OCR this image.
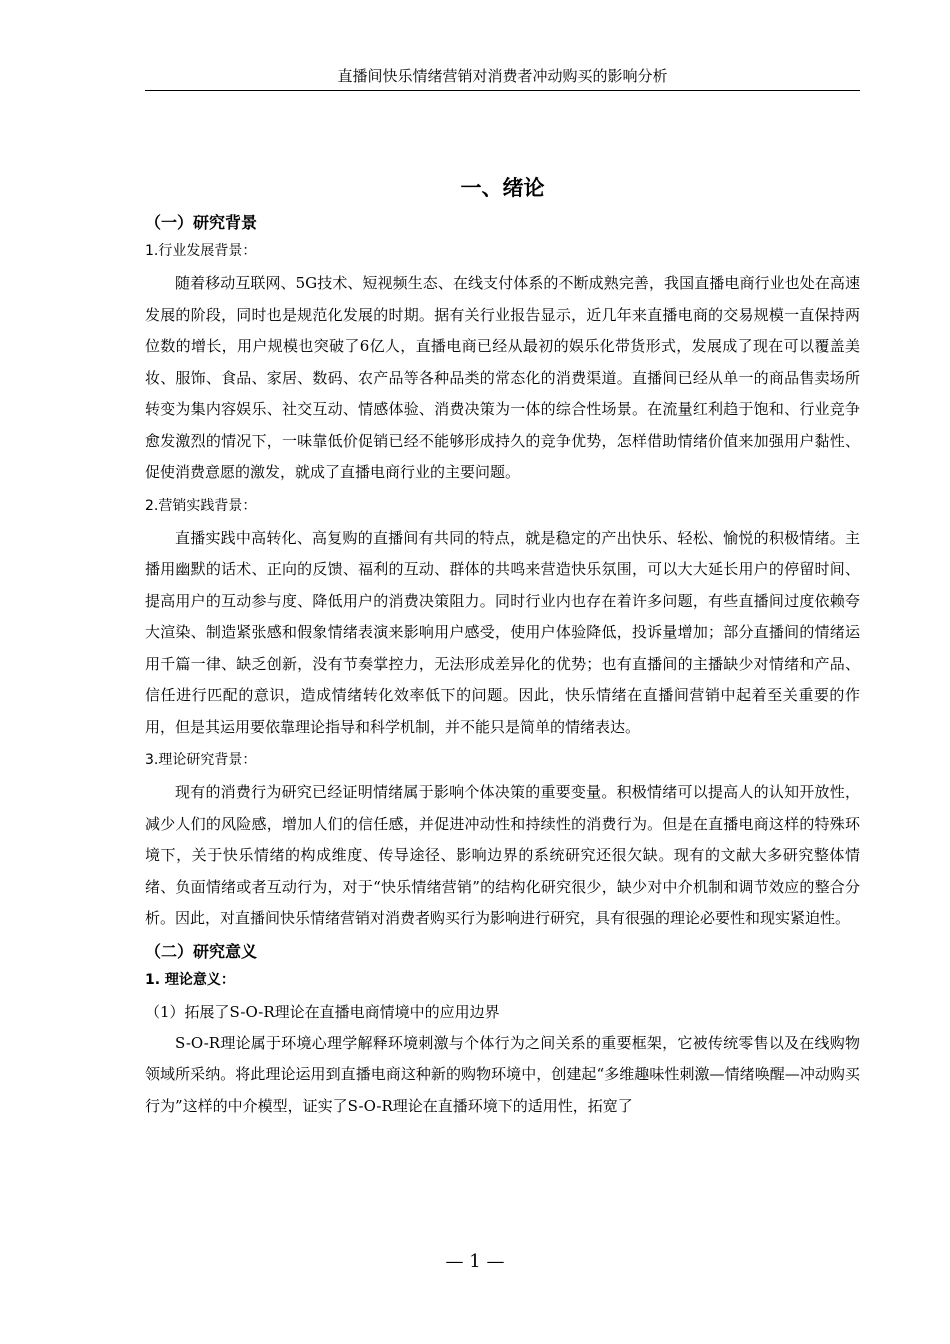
直播间快乐情绪营销对消费者冲动购买的影响分析
一、绪论
（一）研究背景
1.行业发展背景：

随着移动互联网、5G技术、短视频生态、在线支付体系的不断成熟完善，我国直播电商行业也处在高速发展的阶段，同时也是规范化发展的时期。据有关行业报告显示，近几年来直播电商的交易规模一直保持两位数的增长，用户规模也突破了6亿人，直播电商已经从最初的娱乐化带货形式，发展成了现在可以覆盖美妆、服饰、食品、家居、数码、农产品等各种品类的常态化的消费渠道。直播间已经从单一的商品售卖场所转变为集内容娱乐、社交互动、情感体验、消费决策为一体的综合性场景。在流量红利趋于饱和、行业竞争愈发激烈的情况下，一味靠低价促销已经不能够形成持久的竞争优势，怎样借助情绪价值来加强用户黏性、促使消费意愿的激发，就成了直播电商行业的主要问题。

2.营销实践背景：

直播实践中高转化、高复购的直播间有共同的特点，就是稳定的产出快乐、轻松、愉悦的积极情绪。主播用幽默的话术、正向的反馈、福利的互动、群体的共鸣来营造快乐氛围，可以大大延长用户的停留时间、提高用户的互动参与度、降低用户的消费决策阻力。同时行业内也存在着许多问题，有些直播间过度依赖夸大渲染、制造紧张感和假象情绪表演来影响用户感受，使用户体验降低，投诉量增加；部分直播间的情绪运用千篇一律、缺乏创新，没有节奏掌控力，无法形成差异化的优势；也有直播间的主播缺少对情绪和产品、信任进行匹配的意识，造成情绪转化效率低下的问题。因此，快乐情绪在直播间营销中起着至关重要的作用，但是其运用要依靠理论指导和科学机制，并不能只是简单的情绪表达。

3.理论研究背景：

现有的消费行为研究已经证明情绪属于影响个体决策的重要变量。积极情绪可以提高人的认知开放性，减少人们的风险感，增加人们的信任感，并促进冲动性和持续性的消费行为。但是在直播电商这样的特殊环境下，关于快乐情绪的构成维度、传导途径、影响边界的系统研究还很欠缺。现有的文献大多研究整体情绪、负面情绪或者互动行为，对于“快乐情绪营销”的结构化研究很少，缺少对中介机制和调节效应的整合分析。因此，对直播间快乐情绪营销对消费者购买行为影响进行研究，具有很强的理论必要性和现实紧迫性。

（二）研究意义
1. 理论意义：

（1）拓展了S-O-R理论在直播电商情境中的应用边界

S-O-R理论属于环境心理学解释环境刺激与个体行为之间关系的重要框架，它被传统零售以及在线购物领域所采纳。将此理论运用到直播电商这种新的购物环境中，创建起“多维趣味性刺激—情绪唤醒—冲动购买行为”这样的中介模型，证实了S-O-R理论在直播环境下的适用性，拓宽了

— 1 —
